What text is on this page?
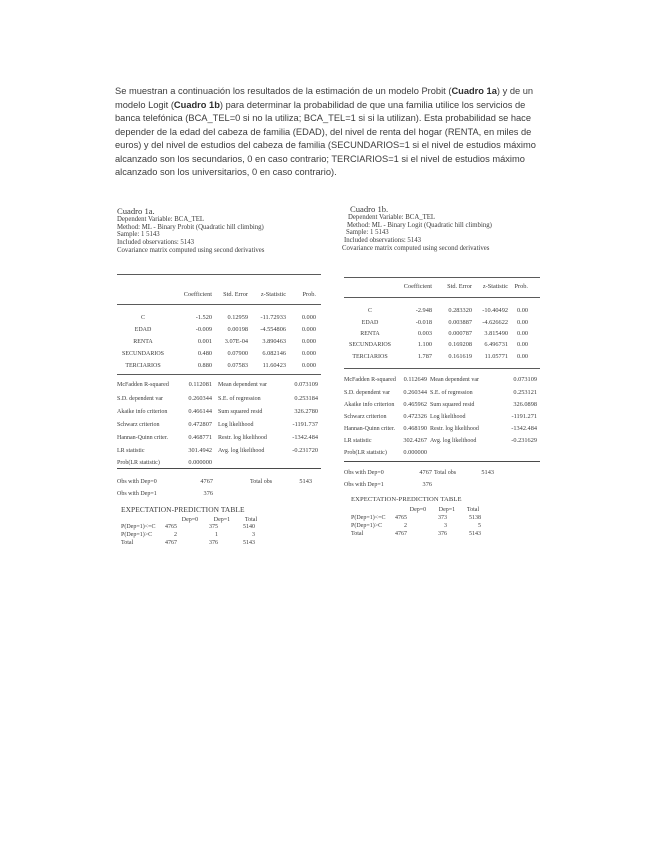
Se muestran a continuación los resultados de la estimación de un modelo Probit (Cuadro 1a) y de un
modelo Logit (Cuadro 1b) para determinar la probabilidad de que una familia utilice los servicios de
banca telefónica (BCA_TEL=0 si no la utiliza; BCA_TEL=1 si si la utilizan). Esta probabilidad se hace
depender de la edad del cabeza de familia (EDAD), del nivel de renta del hogar (RENTA, en miles de
euros) y del nivel de estudios del cabeza de familia (SECUNDARIOS=1 si el nivel de estudios máximo
alcanzado son los secundarios, 0 en caso contrario; TERCIARIOS=1 si el nivel de estudios máximo
alcanzado son los universitarios, 0 en caso contrario).
Cuadro 1a.
Dependent Variable: BCA_TEL
Method: ML - Binary Probit (Quadratic hill climbing)
Sample: 1 5143
Included observations: 5143
Covariance matrix computed using second derivatives
Cuadro 1b.
Dependent Variable: BCA_TEL
Method: ML - Binary Logit (Quadratic hill climbing)
Sample: 1 5143
Included observations: 5143
Covariance matrix computed using second derivatives
Coefficient	Std. Error	z-Statistic	Prob.
C	-1.520	0.12959	-11.72933	0.000
EDAD	-0.009	0.00198	-4.554806	0.000
RENTA	0.001	3.07E-04	3.890463	0.000
SECUNDARIOS	0.480	0.07900	6.082146	0.000
TERCIARIOS	0.880	0.07583	11.60423	0.000
McFadden R-squared	0.112081 Mean dependent var	0.073109
S.D. dependent var	0.260344 S.E. of regression	0.253184
Akaike info criterion	0.466144 Sum squared resid	326.2780
Schwarz criterion	0.472807 Log likelihood	-1191.737
Hannan-Quinn criter.	0.468771 Restr. log likelihood	-1342.484
LR statistic	301.4942 Avg. log likelihood	-0.231720
Prob(LR statistic)	0.000000
Obs with Dep=0	4767	Total obs	5143
Obs with Dep=1	376
EXPECTATION-PREDICTION TABLE
Dep=0	Dep=1	Total
P(Dep=1)<=C	4765	375	5140
P(Dep=1)>C	2	1	3
Total	4767	376	5143
Coefficient	Std. Error	z-Statistic	Prob.
C	-2.948	0.283320	-10.40492	0.00
EDAD	-0.018	0.003887	-4.626622	0.00
RENTA	0.003	0.000787	3.815490	0.00
SECUNDARIOS	1.100	0.169208	6.496731	0.00
TERCIARIOS	1.787	0.161619	11.05771	0.00
McFadden R-squared	0.112649 Mean dependent var	0.073109
S.D. dependent var	0.260344 S.E. of regression	0.253121
Akaike info criterion	0.465962 Sum squared resid	326.0898
Schwarz criterion	0.472326 Log likelihood	-1191.271
Hannan-Quinn criter.	0.468190 Restr. log likelihood	-1342.484
LR statistic	302.4267 Avg. log likelihood	-0.231629
Prob(LR statistic)	0.000000
Obs with Dep=0	4767 Total obs	5143
Obs with Dep=1	376
EXPECTATION-PREDICTION TABLE
Dep=0	Dep=1	Total
P(Dep=1)<=C	4765	373	5138
P(Dep=1)>C	2	3	5
Total	4767	376	5143
